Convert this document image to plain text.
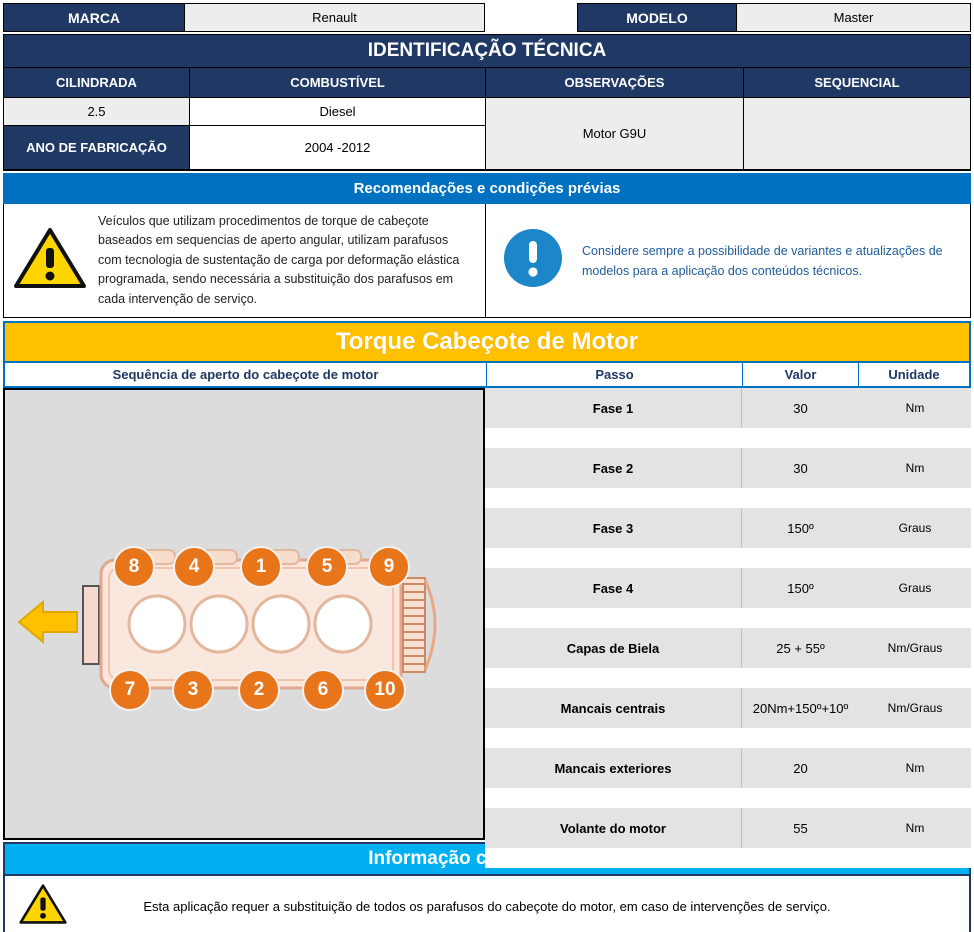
MARCA	Renault	MODELO	Master
IDENTIFICAÇÃO TÉCNICA
CILINDRADA	COMBUSTÍVEL	OBSERVAÇÕES	SEQUENCIAL
2.5	Diesel
ANO DE FABRICAÇÃO	2004 -2012
Motor G9U
Recomendações e condições prévias
Veículos que utilizam procedimentos de torque de cabeçote baseados em sequencias de aperto angular, utilizam parafusos com tecnologia de sustentação de carga por deformação elástica programada, sendo necessária a substituição dos parafusos em cada intervenção de serviço.
Considere sempre a possibilidade de variantes e atualizações de modelos para a aplicação dos conteúdos técnicos.
Torque Cabeçote de Motor
Sequência de aperto do cabeçote de motor	Passo	Valor	Unidade
8	4	1	5	9
7	3	2	6	10
Fase 1	30	Nm
Fase 2	30	Nm
Fase 3	150º	Graus
Fase 4	150º	Graus
Capas de Biela	25 + 55º	Nm/Graus
Mancais centrais	20Nm+150º+10º	Nm/Graus
Mancais exteriores	20	Nm
Volante do motor	55	Nm
Informação complementar
Esta aplicação requer a substituição de todos os parafusos do cabeçote do motor, em caso de intervenções de serviço.
